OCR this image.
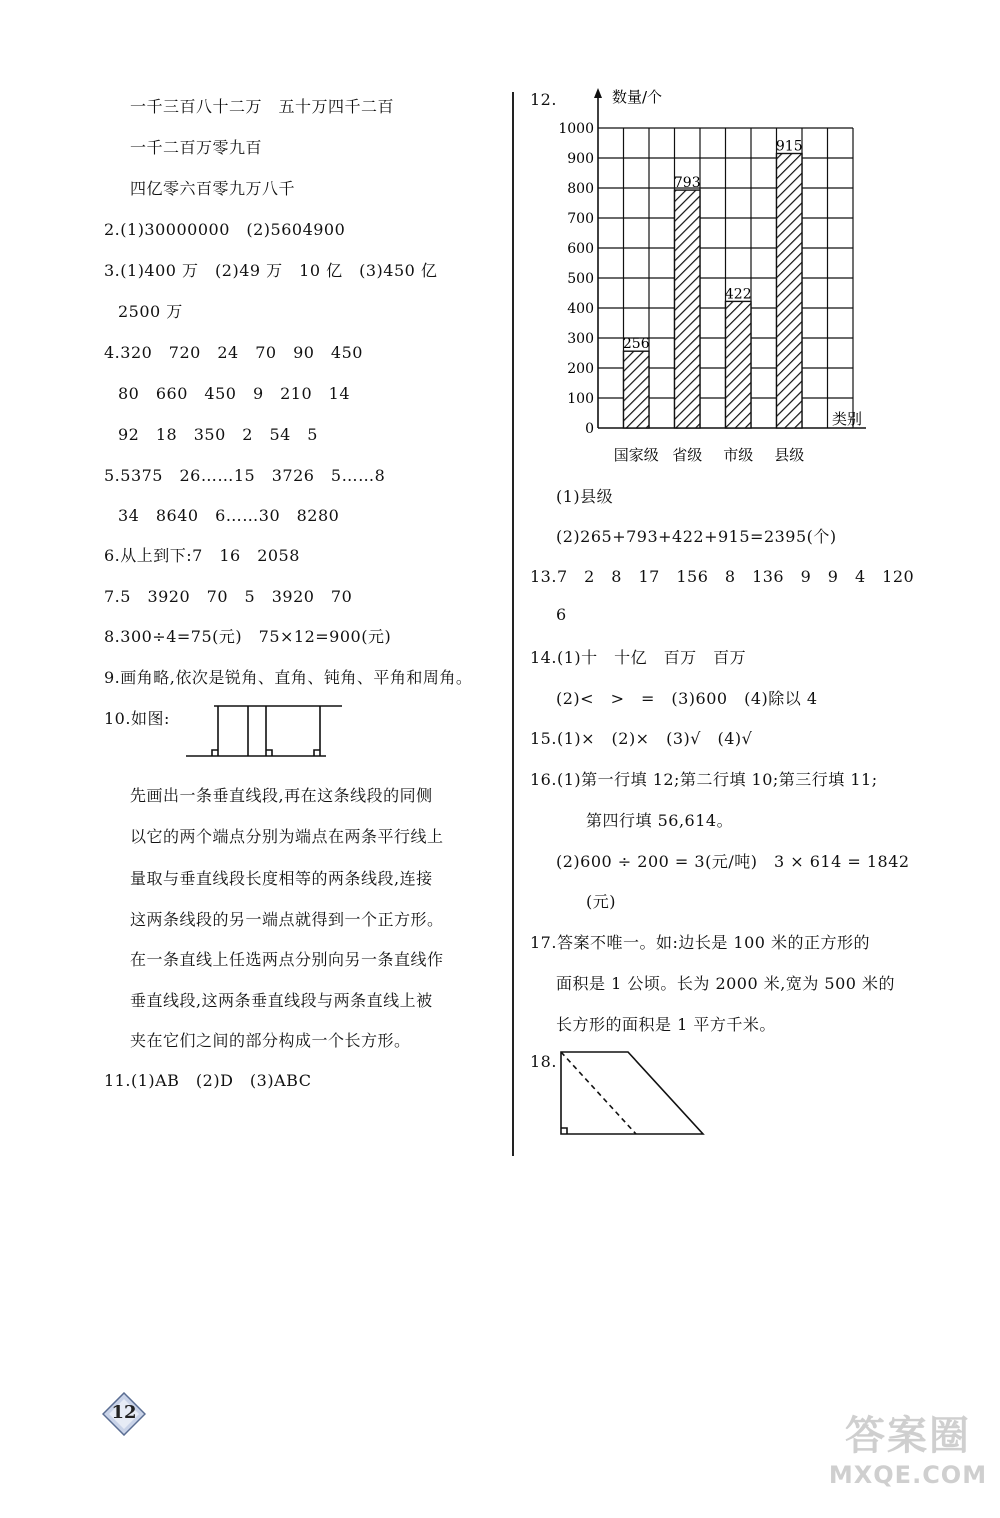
一千三百八十二万　五十万四千二百
一千二百万零九百
四亿零六百零九万八千
2.(1)30000000　(2)5604900
3.(1)400 万　(2)49 万　10 亿　(3)450 亿
2500 万
4.320　720　24　70　90　450
80　660　450　9　210　14
92　18　350　2　54　5
5.5375　26……15　3726　5……8
34　8640　6……30　8280
6.从上到下:7　16　2058
7.5　3920　70　5　3920　70
8.300÷4=75(元)　75×12=900(元)
9.画角略,依次是锐角、直角、钝角、平角和周角。
10.如图:
先画出一条垂直线段,再在这条线段的同侧
以它的两个端点分别为端点在两条平行线上
量取与垂直线段长度相等的两条线段,连接
这两条线段的另一端点就得到一个正方形。
在一条直线上任选两点分别向另一条直线作
垂直线段,这两条垂直线段与两条直线上被
夹在它们之间的部分构成一个长方形。
11.(1)AB　(2)D　(3)ABC
12.
256
793
422
915
0
100
200
300
400
500
600
700
800
900
1000
国家级 省级 市级 县级
数量/个
类别
(1)县级
(2)265+793+422+915=2395(个)
13.7　2　8　17　156　8　136　9　9　4　120
6
14.(1)十　十亿　百万　百万
(2)<　>　=　(3)600　(4)除以 4
15.(1)×　(2)×　(3)√　(4)√
16.(1)第一行填 12;第二行填 10;第三行填 11;
第四行填 56,614。
(2)600 ÷ 200 = 3(元/吨)　3 × 614 = 1842
(元)
17.答案不唯一。如:边长是 100 米的正方形的
面积是 1 公顷。长为 2000 米,宽为 500 米的
长方形的面积是 1 平方千米。
18.
12
答案圈
MXQE.COM
